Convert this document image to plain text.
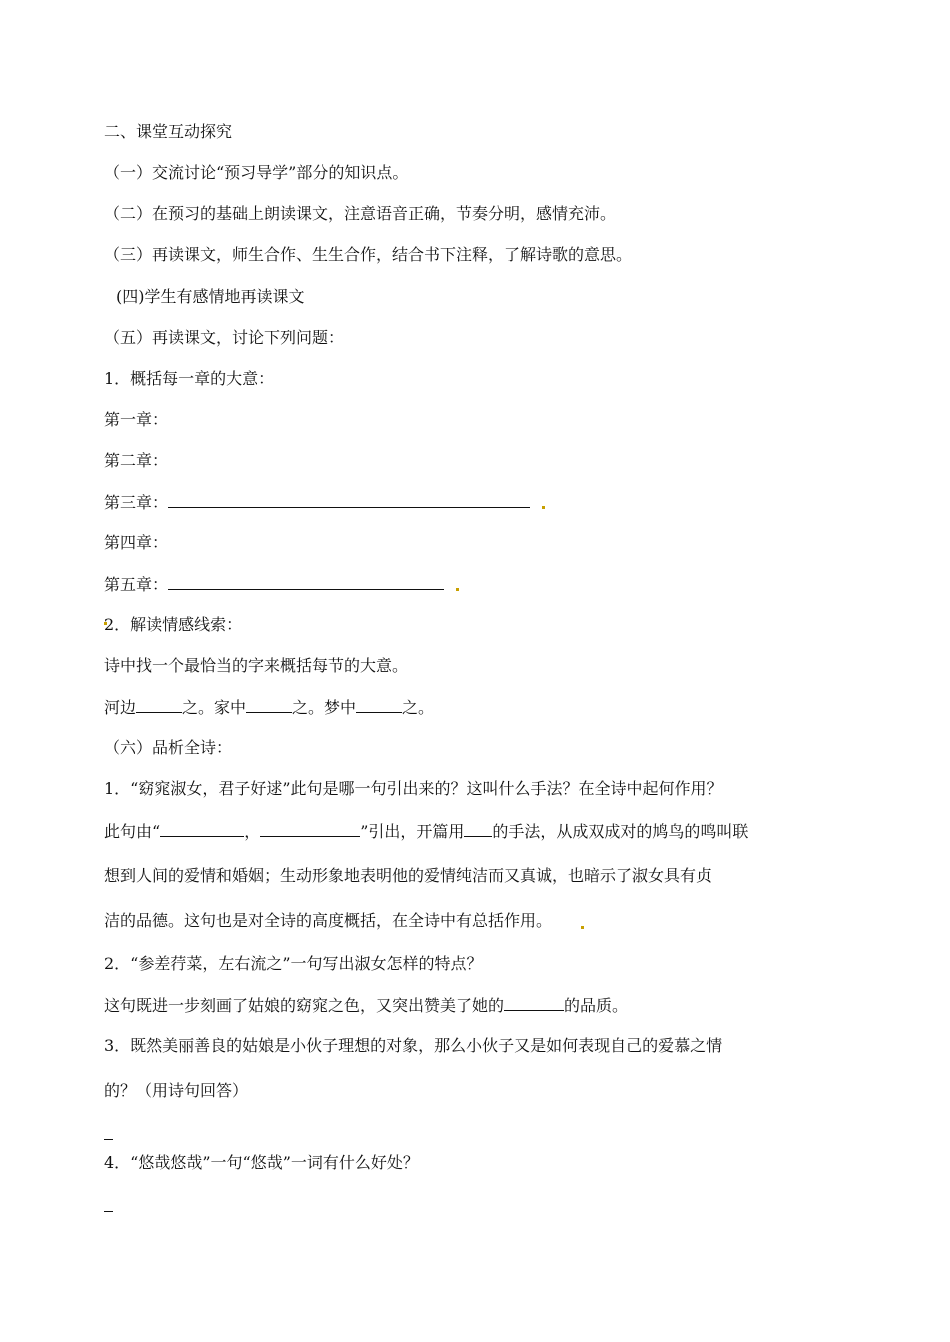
二、课堂互动探究
（一）交流讨论“预习导学”部分的知识点。
（二）在预习的基础上朗读课文，注意语音正确，节奏分明，感情充沛。
（三）再读课文，师生合作、生生合作，结合书下注释，了解诗歌的意思。
(四)学生有感情地再读课文
（五）再读课文，讨论下列问题：
1．概括每一章的大意：
第一章：
第二章：
第三章：
第四章：
第五章：
2．解读情感线索：
诗中找一个最恰当的字来概括每节的大意。
河边	之。家中	之。梦中	之。
（六）品析全诗：
1．“窈窕淑女，君子好逑”此句是哪一句引出来的？这叫什么手法？在全诗中起何作用？
此句由“	，	”引出，开篇用 的手法，从成双成对的鸠鸟的鸣叫联
想到人间的爱情和婚姻；生动形象地表明他的爱情纯洁而又真诚，也暗示了淑女具有贞
洁的品德。这句也是对全诗的高度概括，在全诗中有总括作用。
2．“参差荇菜，左右流之”一句写出淑女怎样的特点？
这句既进一步刻画了姑娘的窈窕之色，又突出赞美了她的	的品质。
3．既然美丽善良的姑娘是小伙子理想的对象，那么小伙子又是如何表现自己的爱慕之情
的？（用诗句回答）
4．“悠哉悠哉”一句“悠哉”一词有什么好处？
